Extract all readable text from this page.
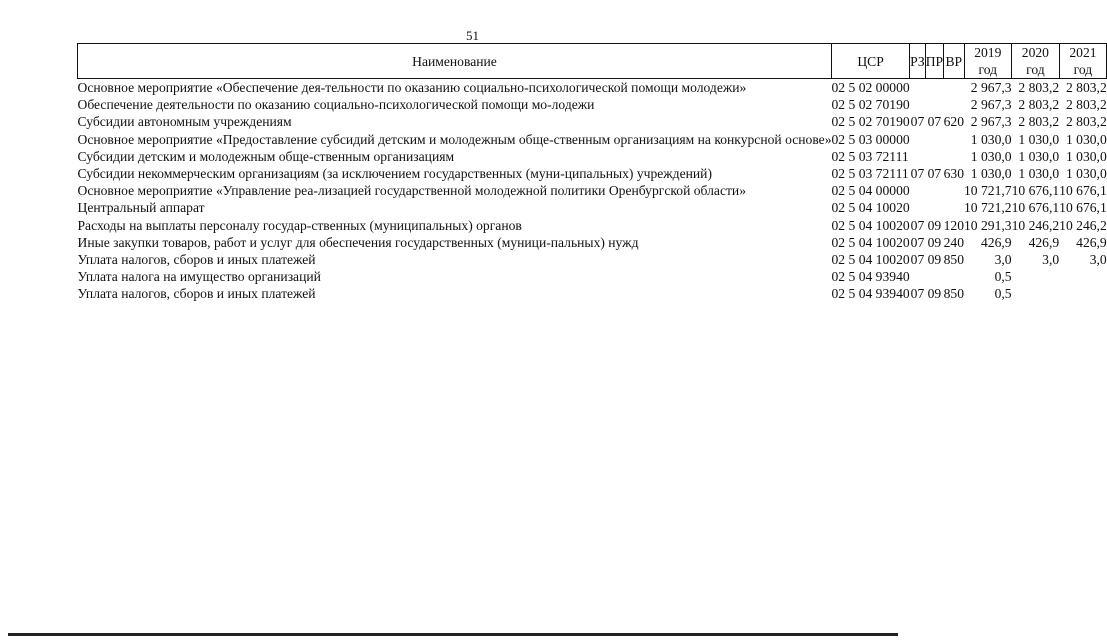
51
Наименование	ЦСР	РЗ	ПР	ВР	2019 год	2020 год	2021 год
Основное мероприятие «Обеспечение дея-тельности по оказанию социально-психологической помощи молодежи»	02 5 02 00000				2 967,3	2 803,2	2 803,2
Обеспечение деятельности по оказанию социально-психологической помощи мо-лодежи	02 5 02 70190				2 967,3	2 803,2	2 803,2
Субсидии автономным учреждениям	02 5 02 70190	07	07	620	2 967,3	2 803,2	2 803,2
Основное мероприятие «Предоставление субсидий детским и молодежным обще-ственным организациям на конкурсной основе»	02 5 03 00000				1 030,0	1 030,0	1 030,0
Субсидии детским и молодежным обще-ственным организациям	02 5 03 72111				1 030,0	1 030,0	1 030,0
Субсидии некоммерческим организациям (за исключением государственных (муни-ципальных) учреждений)	02 5 03 72111	07	07	630	1 030,0	1 030,0	1 030,0
Основное мероприятие «Управление реа-лизацией государственной молодежной политики Оренбургской области»	02 5 04 00000				10 721,7	10 676,1	10 676,1
Центральный аппарат	02 5 04 10020				10 721,2	10 676,1	10 676,1
Расходы на выплаты персоналу государ-ственных (муниципальных) органов	02 5 04 10020	07	09	120	10 291,3	10 246,2	10 246,2
Иные закупки товаров, работ и услуг для обеспечения государственных (муници-пальных) нужд	02 5 04 10020	07	09	240	426,9	426,9	426,9
Уплата налогов, сборов и иных платежей	02 5 04 10020	07	09	850	3,0	3,0	3,0
Уплата налога на имущество организаций	02 5 04 93940				0,5		
Уплата налогов, сборов и иных платежей	02 5 04 93940	07	09	850	0,5		
